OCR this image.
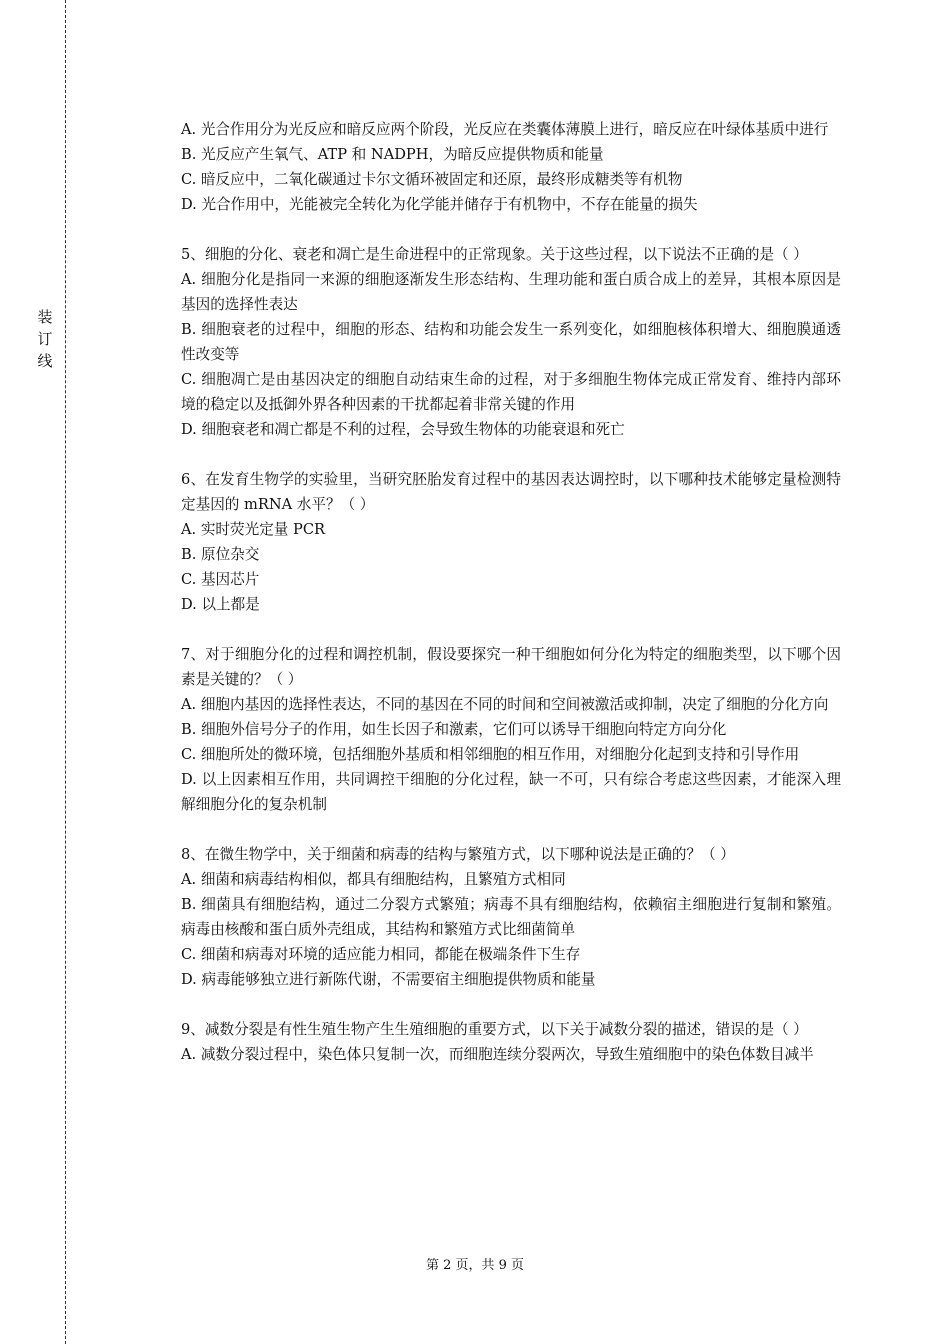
装
订
线

A. 光合作用分为光反应和暗反应两个阶段，光反应在类囊体薄膜上进行，暗反应在叶绿体基质中进行

B. 光反应产生氧气、ATP 和 NADPH，为暗反应提供物质和能量

C. 暗反应中，二氧化碳通过卡尔文循环被固定和还原，最终形成糖类等有机物

D. 光合作用中，光能被完全转化为化学能并储存于有机物中，不存在能量的损失

5、细胞的分化、衰老和凋亡是生命进程中的正常现象。关于这些过程，以下说法不正确的是（ ）

A. 细胞分化是指同一来源的细胞逐渐发生形态结构、生理功能和蛋白质合成上的差异，其根本原因是基因的选择性表达

B. 细胞衰老的过程中，细胞的形态、结构和功能会发生一系列变化，如细胞核体积增大、细胞膜通透性改变等

C. 细胞凋亡是由基因决定的细胞自动结束生命的过程，对于多细胞生物体完成正常发育、维持内部环境的稳定以及抵御外界各种因素的干扰都起着非常关键的作用

D. 细胞衰老和凋亡都是不利的过程，会导致生物体的功能衰退和死亡

6、在发育生物学的实验里，当研究胚胎发育过程中的基因表达调控时，以下哪种技术能够定量检测特定基因的 mRNA 水平？（ ）

A. 实时荧光定量 PCR

B. 原位杂交

C. 基因芯片

D. 以上都是

7、对于细胞分化的过程和调控机制，假设要探究一种干细胞如何分化为特定的细胞类型，以下哪个因素是关键的？（ ）

A. 细胞内基因的选择性表达，不同的基因在不同的时间和空间被激活或抑制，决定了细胞的分化方向

B. 细胞外信号分子的作用，如生长因子和激素，它们可以诱导干细胞向特定方向分化

C. 细胞所处的微环境，包括细胞外基质和相邻细胞的相互作用，对细胞分化起到支持和引导作用

D. 以上因素相互作用，共同调控干细胞的分化过程，缺一不可，只有综合考虑这些因素，才能深入理解细胞分化的复杂机制

8、在微生物学中，关于细菌和病毒的结构与繁殖方式，以下哪种说法是正确的？（ ）

A. 细菌和病毒结构相似，都具有细胞结构，且繁殖方式相同

B. 细菌具有细胞结构，通过二分裂方式繁殖；病毒不具有细胞结构，依赖宿主细胞进行复制和繁殖。病毒由核酸和蛋白质外壳组成，其结构和繁殖方式比细菌简单

C. 细菌和病毒对环境的适应能力相同，都能在极端条件下生存

D. 病毒能够独立进行新陈代谢，不需要宿主细胞提供物质和能量

9、减数分裂是有性生殖生物产生生殖细胞的重要方式，以下关于减数分裂的描述，错误的是（ ）

A. 减数分裂过程中，染色体只复制一次，而细胞连续分裂两次，导致生殖细胞中的染色体数目减半

第 2 页，共 9 页
